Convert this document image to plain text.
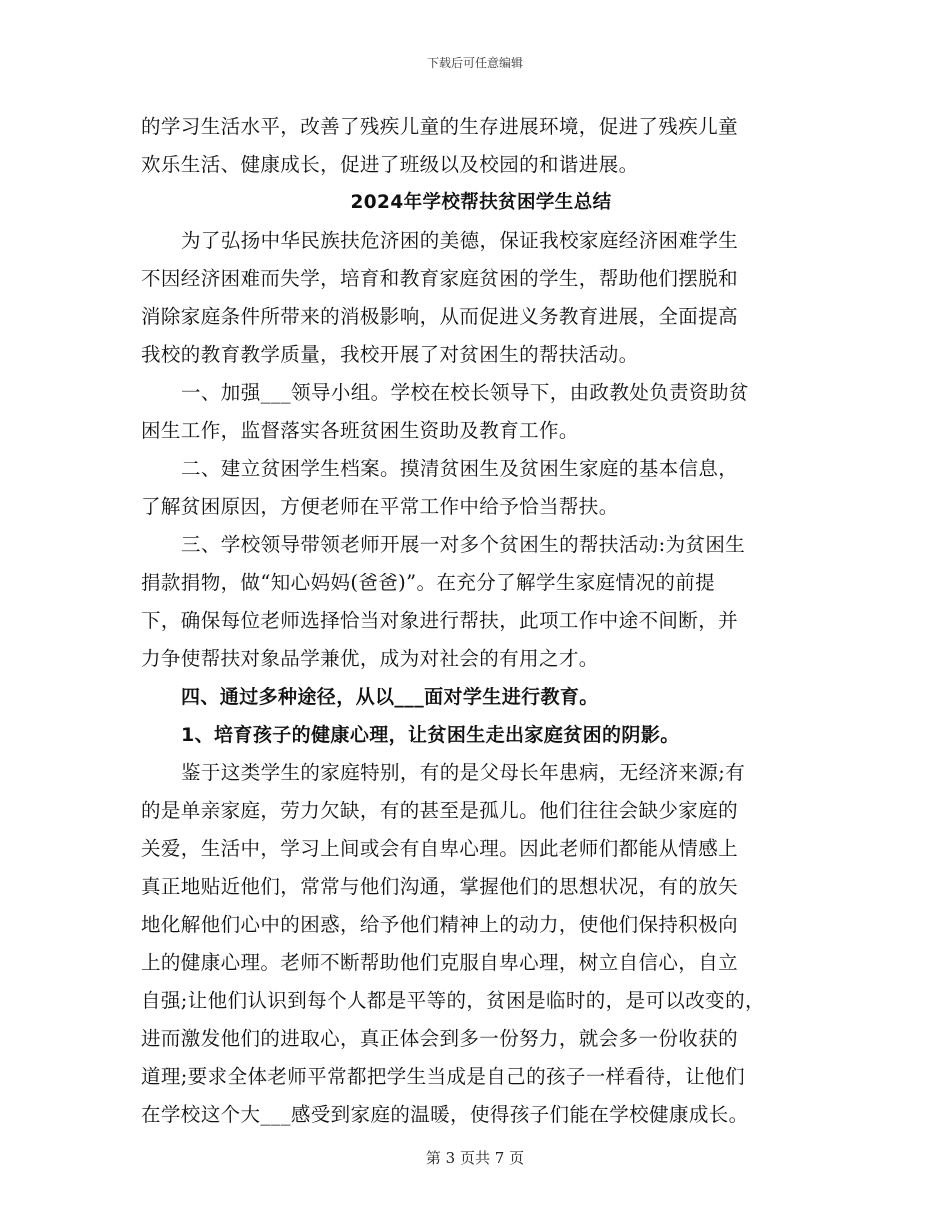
下载后可任意编辑
的学习生活水平，改善了残疾儿童的生存进展环境，促进了残疾儿童
欢乐生活、健康成长，促进了班级以及校园的和谐进展。
2024年学校帮扶贫困学生总结
为了弘扬中华民族扶危济困的美德，保证我校家庭经济困难学生
不因经济困难而失学，培育和教育家庭贫困的学生，帮助他们摆脱和
消除家庭条件所带来的消极影响，从而促进义务教育进展，全面提高
我校的教育教学质量，我校开展了对贫困生的帮扶活动。
一、加强___领导小组。学校在校长领导下，由政教处负责资助贫
困生工作，监督落实各班贫困生资助及教育工作。
二、建立贫困学生档案。摸清贫困生及贫困生家庭的基本信息，
了解贫困原因，方便老师在平常工作中给予恰当帮扶。
三、学校领导带领老师开展一对多个贫困生的帮扶活动:为贫困生
捐款捐物，做“知心妈妈(爸爸)”。在充分了解学生家庭情况的前提
下，确保每位老师选择恰当对象进行帮扶，此项工作中途不间断，并
力争使帮扶对象品学兼优，成为对社会的有用之才。
四、通过多种途径，从以___面对学生进行教育。
1、培育孩子的健康心理，让贫困生走出家庭贫困的阴影。
鉴于这类学生的家庭特别，有的是父母长年患病，无经济来源;有
的是单亲家庭，劳力欠缺，有的甚至是孤儿。他们往往会缺少家庭的
关爱，生活中，学习上间或会有自卑心理。因此老师们都能从情感上
真正地贴近他们，常常与他们沟通，掌握他们的思想状况，有的放矢
地化解他们心中的困惑，给予他们精神上的动力，使他们保持积极向
上的健康心理。老师不断帮助他们克服自卑心理，树立自信心，自立
自强;让他们认识到每个人都是平等的，贫困是临时的，是可以改变的，
进而激发他们的进取心，真正体会到多一份努力，就会多一份收获的
道理;要求全体老师平常都把学生当成是自己的孩子一样看待，让他们
在学校这个大___感受到家庭的温暖，使得孩子们能在学校健康成长。
第 3 页共 7 页
